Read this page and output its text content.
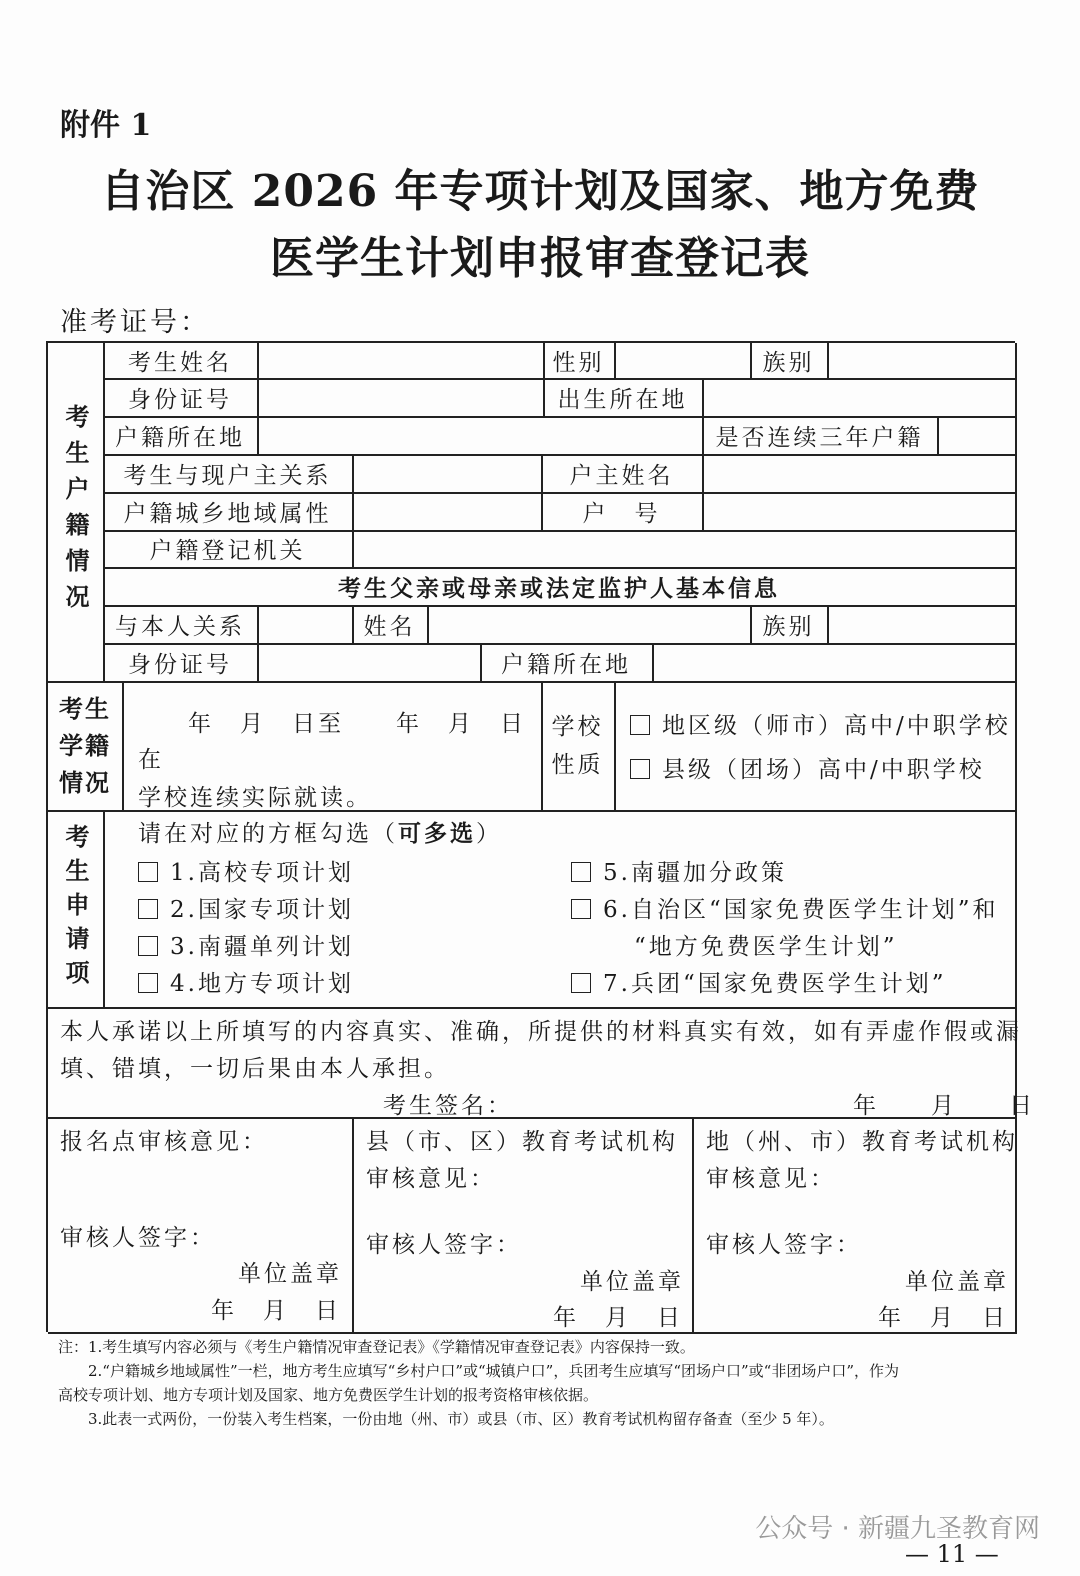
附件 1
自治区 2026 年专项计划及国家、地方免费
医学生计划申报审查登记表
准考证号：
考生户籍情况
考生姓名	性别	族别
身份证号	出生所在地
户籍所在地	是否连续三年户籍
考生与现户主关系	户主姓名
户籍城乡地域属性	户　号
户籍登记机关
考生父亲或母亲或法定监护人基本信息
与本人关系	姓名	族别
身份证号	户籍所在地
考生学籍情况
年　月　日至　　年　月　日
在
学校连续实际就读。
学校性质
地区级（师市）高中/中职学校
县级（团场）高中/中职学校
考生申请项	请在对应的方框勾选（可多选）
1.高校专项计划
2.国家专项计划
3.南疆单列计划
4.地方专项计划
5.南疆加分政策
6.自治区“国家免费医学生计划”和
“地方免费医学生计划”
7.兵团“国家免费医学生计划”
本人承诺以上所填写的内容真实、准确，所提供的材料真实有效，如有弄虚作假或漏
填、错填，一切后果由本人承担。
考生签名：	年　　月　　日
报名点审核意见：
审核人签字：
单位盖章
年　月　日
县（市、区）教育考试机构
审核意见：
审核人签字：
单位盖章
年　月　日
地（州、市）教育考试机构
审核意见：
审核人签字：
单位盖章
年　月　日
注：1.考生填写内容必须与《考生户籍情况审查登记表》《学籍情况审查登记表》内容保持一致。
2.“户籍城乡地域属性”一栏，地方考生应填写“乡村户口”或“城镇户口”，兵团考生应填写“团场户口”或“非团场户口”，作为
高校专项计划、地方专项计划及国家、地方免费医学生计划的报考资格审核依据。
3.此表一式两份，一份装入考生档案，一份由地（州、市）或县（市、区）教育考试机构留存备查（至少 5 年）。
公众号 · 新疆九圣教育网
— 11 —
